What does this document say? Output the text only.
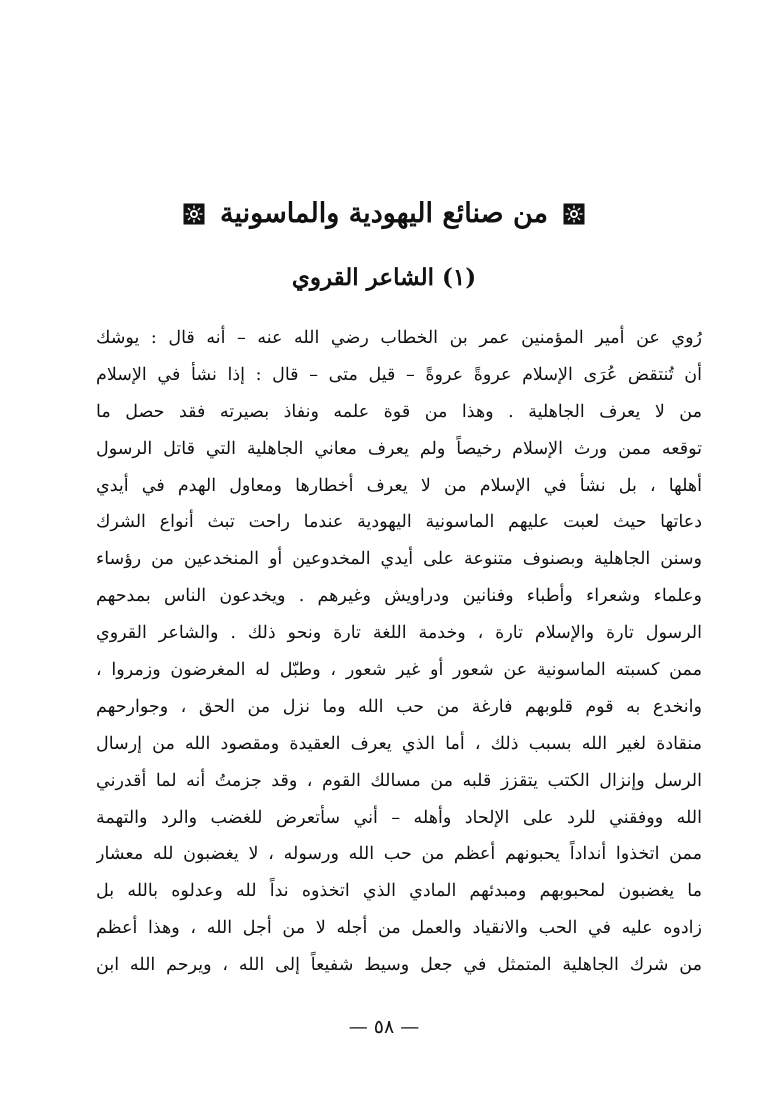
من صنائع اليهودية والماسونية
(١) الشاعر القروي
رُوي عن أمير المؤمنين عمر بن الخطاب رضي الله عنه – أنه قال : يوشك
أن تُنتقض عُرَى الإسلام عروةً عروةً – قيل متى – قال : إذا نشأ في الإسلام
من لا يعرف الجاهلية . وهذا من قوة علمه ونفاذ بصيرته فقد حصل ما
توقعه ممن ورث الإسلام رخيصاً ولم يعرف معاني الجاهلية التي قاتل الرسول
أهلها ، بل نشأ في الإسلام من لا يعرف أخطارها ومعاول الهدم في أيدي
دعاتها حيث لعبت عليهم الماسونية اليهودية عندما راحت تبث أنواع الشرك
وسنن الجاهلية وبصنوف متنوعة على أيدي المخدوعين أو المنخدعين من رؤساء
وعلماء وشعراء وأطباء وفنانين ودراويش وغيرهم . ويخدعون الناس بمدحهم
الرسول تارة والإسلام تارة ، وخدمة اللغة تارة ونحو ذلك . والشاعر القروي
ممن كسبته الماسونية عن شعور أو غير شعور ، وطبّل له المغرضون وزمروا ،
وانخدع به قوم قلوبهم فارغة من حب الله وما نزل من الحق ، وجوارحهم
منقادة لغير الله بسبب ذلك ، أما الذي يعرف العقيدة ومقصود الله من إرسال
الرسل وإنزال الكتب يتقزز قلبه من مسالك القوم ، وقد جزمتُ أنه لما أقدرني
الله ووفقني للرد على الإلحاد وأهله – أني سأتعرض للغضب والرد والتهمة
ممن اتخذوا أنداداً يحبونهم أعظم من حب الله ورسوله ، لا يغضبون لله معشار
ما يغضبون لمحبوبهم ومبدئهم المادي الذي اتخذوه نداً لله وعدلوه بالله بل
زادوه عليه في الحب والانقياد والعمل من أجله لا من أجل الله ، وهذا أعظم
من شرك الجاهلية المتمثل في جعل وسيط شفيعاً إلى الله ، ويرحم الله ابن
— ٥٨ —
